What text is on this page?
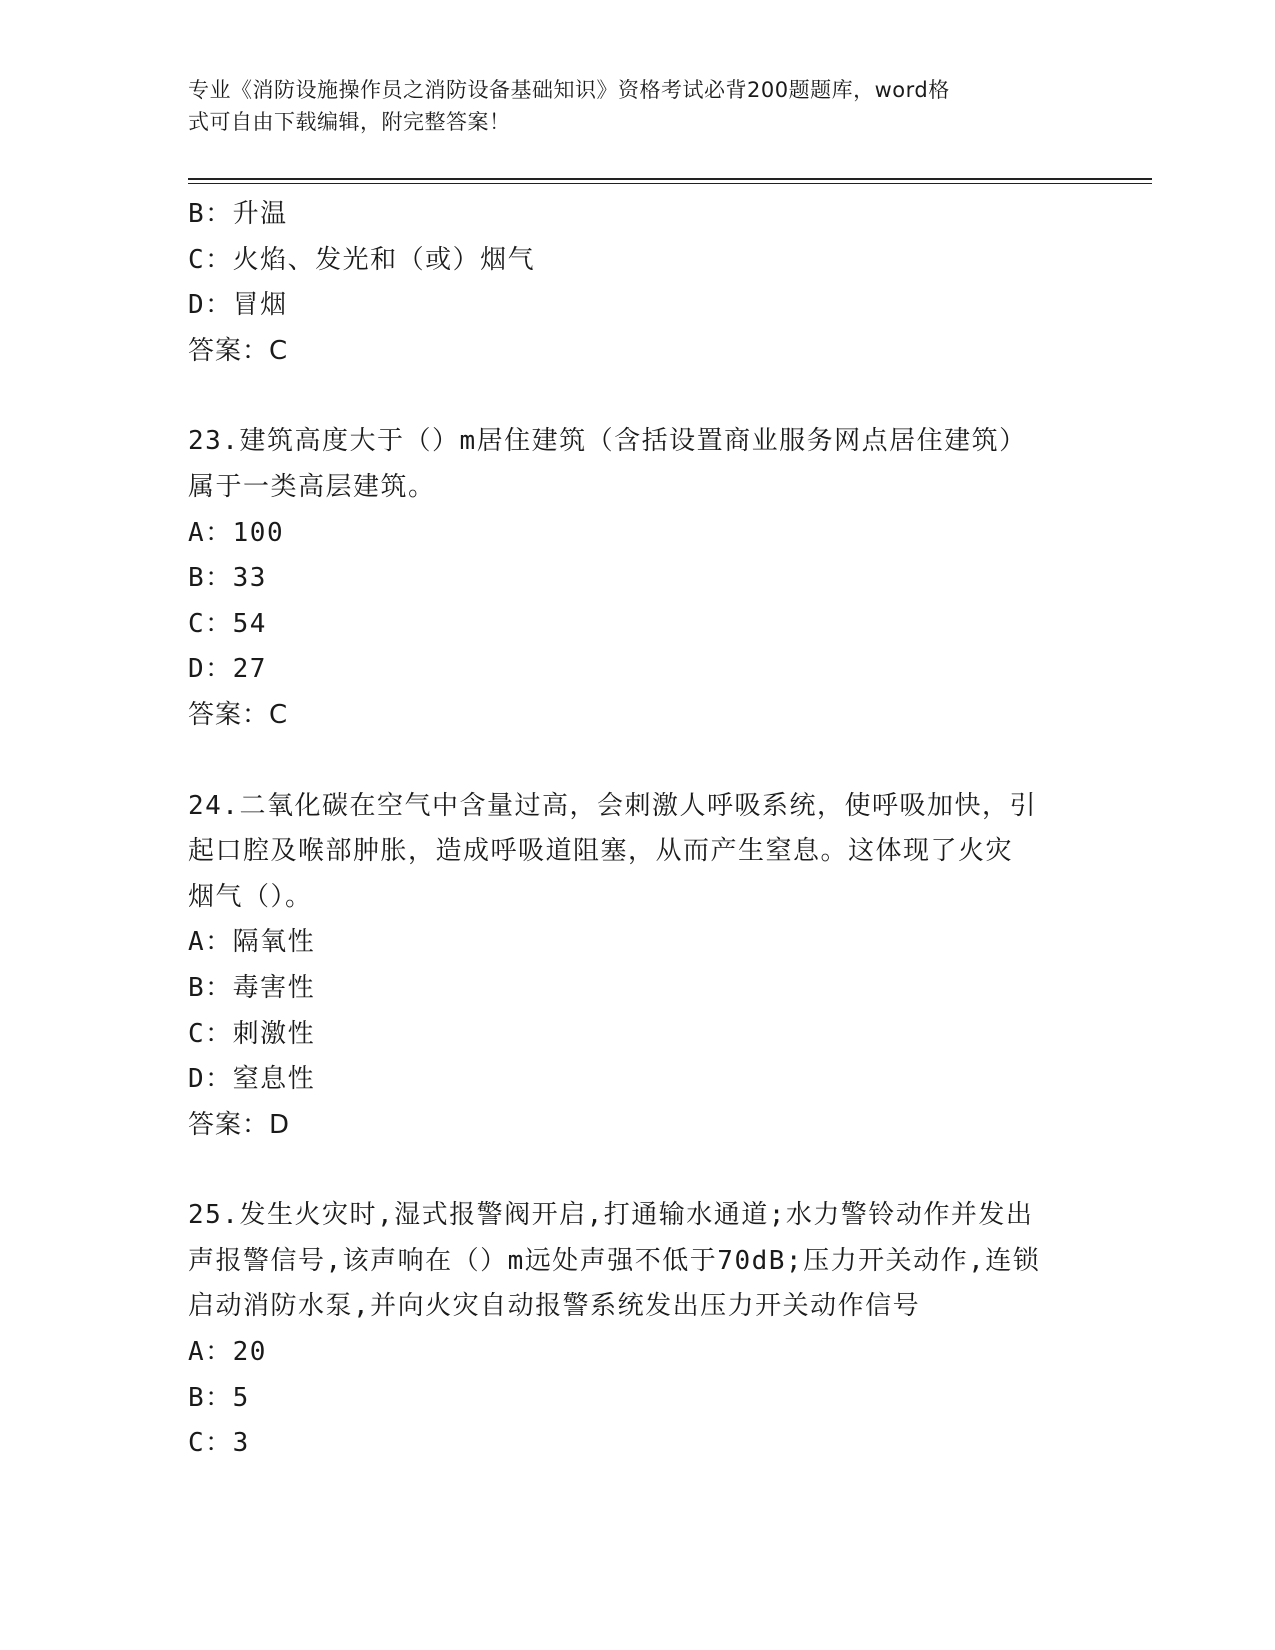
专业《消防设施操作员之消防设备基础知识》资格考试必背200题题库，word格
式可自由下载编辑，附完整答案！
B：升温
C：火焰、发光和（或）烟气
D：冒烟
答案：C
23.建筑高度大于（）m居住建筑（含括设置商业服务网点居住建筑）
属于一类高层建筑。
A：100
B：33
C：54
D：27
答案：C
24.二氧化碳在空气中含量过高，会刺激人呼吸系统，使呼吸加快，引
起口腔及喉部肿胀，造成呼吸道阻塞，从而产生窒息。这体现了火灾
烟气（）。
A：隔氧性
B：毒害性
C：刺激性
D：窒息性
答案：D
25.发生火灾时,湿式报警阀开启,打通输水通道;水力警铃动作并发出
声报警信号,该声响在（）m远处声强不低于70dB;压力开关动作,连锁
启动消防水泵,并向火灾自动报警系统发出压力开关动作信号
A：20
B：5
C：3
